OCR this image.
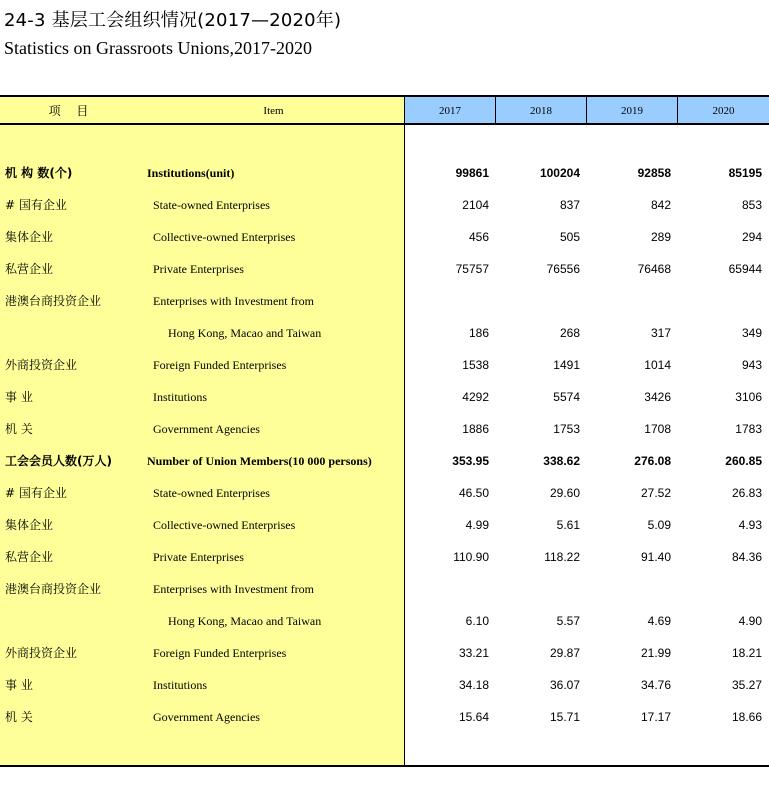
24-3 基层工会组织情况(2017—2020年)
Statistics on Grassroots Unions,2017-2020
项 目	Item	2017	2018	2019	2020
机 构 数(个)	Institutions(unit)	99861	100204	92858	85195
# 国有企业	State-owned Enterprises	2104	837	842	853
集体企业	Collective-owned Enterprises	456	505	289	294
私营企业	Private Enterprises	75757	76556	76468	65944
港澳台商投资企业	Enterprises with Investment from
Hong Kong, Macao and Taiwan	186	268	317	349
外商投资企业	Foreign Funded Enterprises	1538	1491	1014	943
事 业	Institutions	4292	5574	3426	3106
机 关	Government Agencies	1886	1753	1708	1783
工会会员人数(万人)	Number of Union Members(10 000 persons)	353.95	338.62	276.08	260.85
# 国有企业	State-owned Enterprises	46.50	29.60	27.52	26.83
集体企业	Collective-owned Enterprises	4.99	5.61	5.09	4.93
私营企业	Private Enterprises	110.90	118.22	91.40	84.36
港澳台商投资企业	Enterprises with Investment from
Hong Kong, Macao and Taiwan	6.10	5.57	4.69	4.90
外商投资企业	Foreign Funded Enterprises	33.21	29.87	21.99	18.21
事 业	Institutions	34.18	36.07	34.76	35.27
机 关	Government Agencies	15.64	15.71	17.17	18.66
